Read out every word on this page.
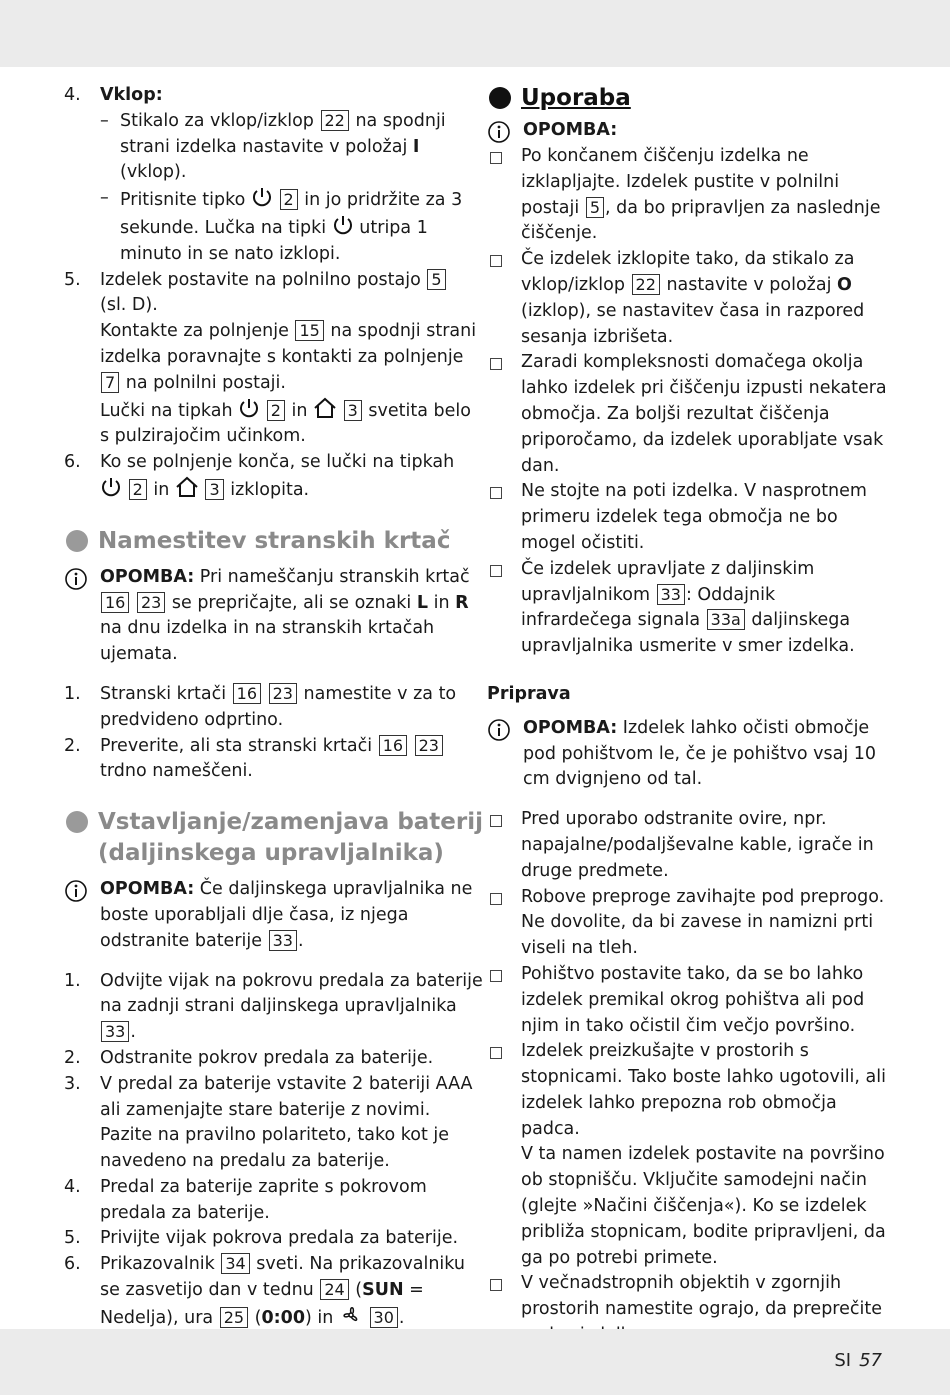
4.	Vklop:
– Stikalo za vklop/izklop 22 na spodnji strani izdelka nastavite v položaj I (vklop).
– Pritisnite tipko 2 in jo pridržite za 3 sekunde. Lučka na tipki utripa 1 minuto in se nato izklopi.
5.	Izdelek postavite na polnilno postajo 5
(sl. D).
Kontakte za polnjenje 15 na spodnji strani izdelka poravnajte s kontakti za polnjenje 7 na polnilni postaji.
Lučki na tipkah 2 in	3 svetita belo s pulzirajočim učinkom.
6.	Ko se polnjenje konča, se lučki na tipkah
2 in	3 izklopita.
Namestitev stranskih krtač
OPOMBA: Pri nameščanju stranskih krtač 16 23 se prepričajte, ali se oznaki L in R na dnu izdelka in na stranskih krtačah ujemata.
1.	Stranski krtači 16 23 namestite v za to predvideno odprtino.
2.	Preverite, ali sta stranski krtači 16 23 trdno nameščeni.
Vstavljanje/zamenjava baterij (daljinskega upravljalnika)
OPOMBA: Če daljinskega upravljalnika ne boste uporabljali dlje časa, iz njega odstranite baterije 33 .
1.	Odvijte vijak na pokrovu predala za baterije na zadnji strani daljinskega upravljalnika 33 .
2.	Odstranite pokrov predala za baterije.
3.	V predal za baterije vstavite 2 bateriji AAA ali zamenjajte stare baterije z novimi. Pazite na pravilno polariteto, tako kot je navedeno na predalu za baterije.
4.	Predal za baterije zaprite s pokrovom predala za baterije.
5.	Privijte vijak pokrova predala za baterije.
6.	Prikazovalnik 34 sveti. Na prikazovalniku se zasvetijo dan v tednu 24 (SUN = Nedelja), ura 25 (0:00) in	30 .
Uporaba
OPOMBA:
Po končanem čiščenju izdelka ne izklapljajte. Izdelek pustite v polnilni postaji 5 , da bo pripravljen za naslednje čiščenje.
Če izdelek izklopite tako, da stikalo za vklop/izklop 22 nastavite v položaj O (izklop), se nastavitev časa in razpored sesanja izbrišeta.
Zaradi kompleksnosti domačega okolja lahko izdelek pri čiščenju izpusti nekatera območja. Za boljši rezultat čiščenja priporočamo, da izdelek uporabljate vsak dan.
Ne stojte na poti izdelka. V nasprotnem primeru izdelek tega območja ne bo mogel očistiti.
Če izdelek upravljate z daljinskim upravljalnikom 33 : Oddajnik infrardečega signala 33a daljinskega upravljalnika usmerite v smer izdelka.
Priprava
OPOMBA: Izdelek lahko očisti območje pod pohištvom le, če je pohištvo vsaj 10 cm dvignjeno od tal.
Pred uporabo odstranite ovire, npr. napajalne/podaljševalne kable, igrače in druge predmete.
Robove preproge zavihajte pod preprogo. Ne dovolite, da bi zavese in namizni prti viseli na tleh.
Pohištvo postavite tako, da se bo lahko izdelek premikal okrog pohištva ali pod njim in tako očistil čim večjo površino.
Izdelek preizkušajte v prostorih s stopnicami. Tako boste lahko ugotovili, ali izdelek lahko prepozna rob območja padca.
V ta namen izdelek postavite na površino ob stopnišču. Vključite samodejni način (glejte »Načini čiščenja«). Ko se izdelek približa stopnicam, bodite pripravljeni, da ga po potrebi primete.
V večnadstropnih objektih v zgornjih prostorih namestite ograjo, da preprečite
SI 57
